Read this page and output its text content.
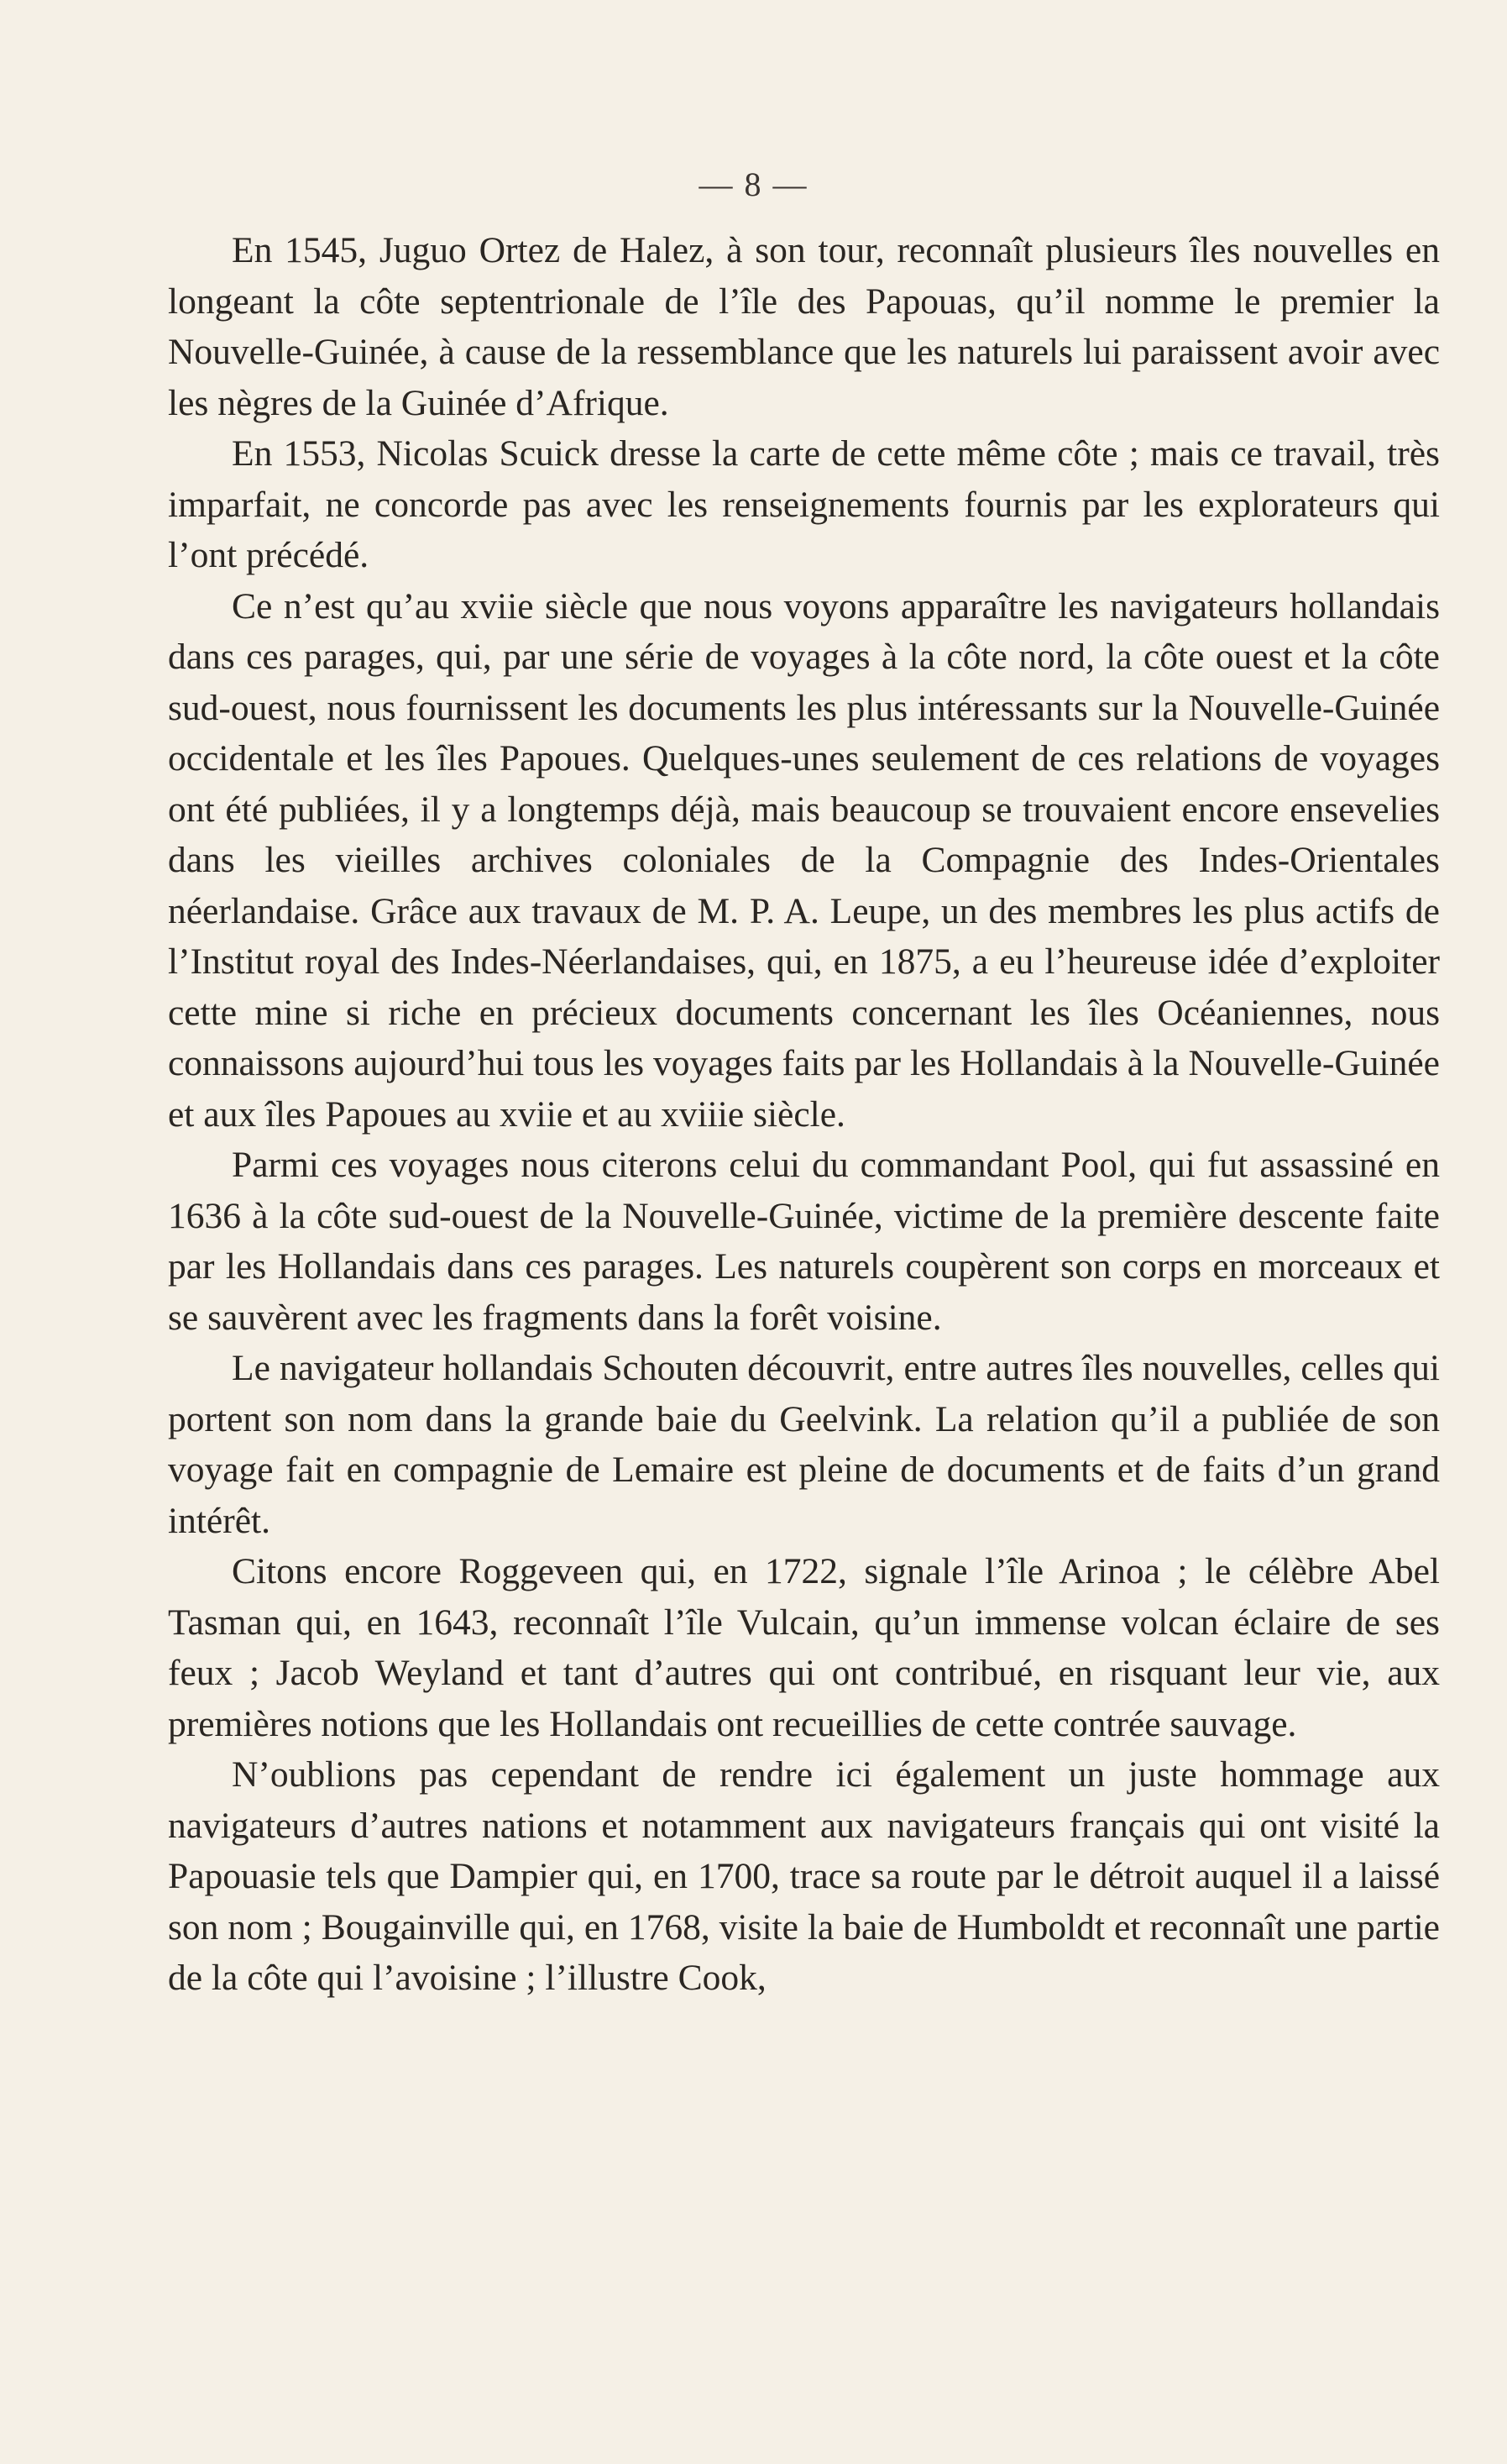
— 8 —

En 1545, Juguo Ortez de Halez, à son tour, reconnaît plusieurs îles nouvelles en longeant la côte septentrionale de l’île des Papouas, qu’il nomme le premier la Nouvelle-Guinée, à cause de la ressemblance que les naturels lui paraissent avoir avec les nègres de la Guinée d’Afrique.

En 1553, Nicolas Scuick dresse la carte de cette même côte ; mais ce travail, très imparfait, ne concorde pas avec les renseignements fournis par les explorateurs qui l’ont précédé.

Ce n’est qu’au xviie siècle que nous voyons apparaître les navigateurs hollandais dans ces parages, qui, par une série de voyages à la côte nord, la côte ouest et la côte sud-ouest, nous fournissent les documents les plus intéressants sur la Nouvelle-Guinée occidentale et les îles Papoues. Quelques-unes seulement de ces relations de voyages ont été publiées, il y a longtemps déjà, mais beaucoup se trouvaient encore ensevelies dans les vieilles archives coloniales de la Compagnie des Indes-Orientales néerlandaise. Grâce aux travaux de M. P. A. Leupe, un des membres les plus actifs de l’Institut royal des Indes-Néerlandaises, qui, en 1875, a eu l’heureuse idée d’exploiter cette mine si riche en précieux documents concernant les îles Océaniennes, nous connaissons aujourd’hui tous les voyages faits par les Hollandais à la Nouvelle-Guinée et aux îles Papoues au xviie et au xviiie siècle.

Parmi ces voyages nous citerons celui du commandant Pool, qui fut assassiné en 1636 à la côte sud-ouest de la Nouvelle-Guinée, victime de la première descente faite par les Hollandais dans ces parages. Les naturels coupèrent son corps en morceaux et se sauvèrent avec les fragments dans la forêt voisine.

Le navigateur hollandais Schouten découvrit, entre autres îles nouvelles, celles qui portent son nom dans la grande baie du Geelvink. La relation qu’il a publiée de son voyage fait en compagnie de Lemaire est pleine de documents et de faits d’un grand intérêt.

Citons encore Roggeveen qui, en 1722, signale l’île Arinoa ; le célèbre Abel Tasman qui, en 1643, reconnaît l’île Vulcain, qu’un immense volcan éclaire de ses feux ; Jacob Weyland et tant d’autres qui ont contribué, en risquant leur vie, aux premières notions que les Hollandais ont recueillies de cette contrée sauvage.

N’oublions pas cependant de rendre ici également un juste hommage aux navigateurs d’autres nations et notamment aux navigateurs français qui ont visité la Papouasie tels que Dampier qui, en 1700, trace sa route par le détroit auquel il a laissé son nom ; Bougainville qui, en 1768, visite la baie de Humboldt et reconnaît une partie de la côte qui l’avoisine ; l’illustre Cook,
